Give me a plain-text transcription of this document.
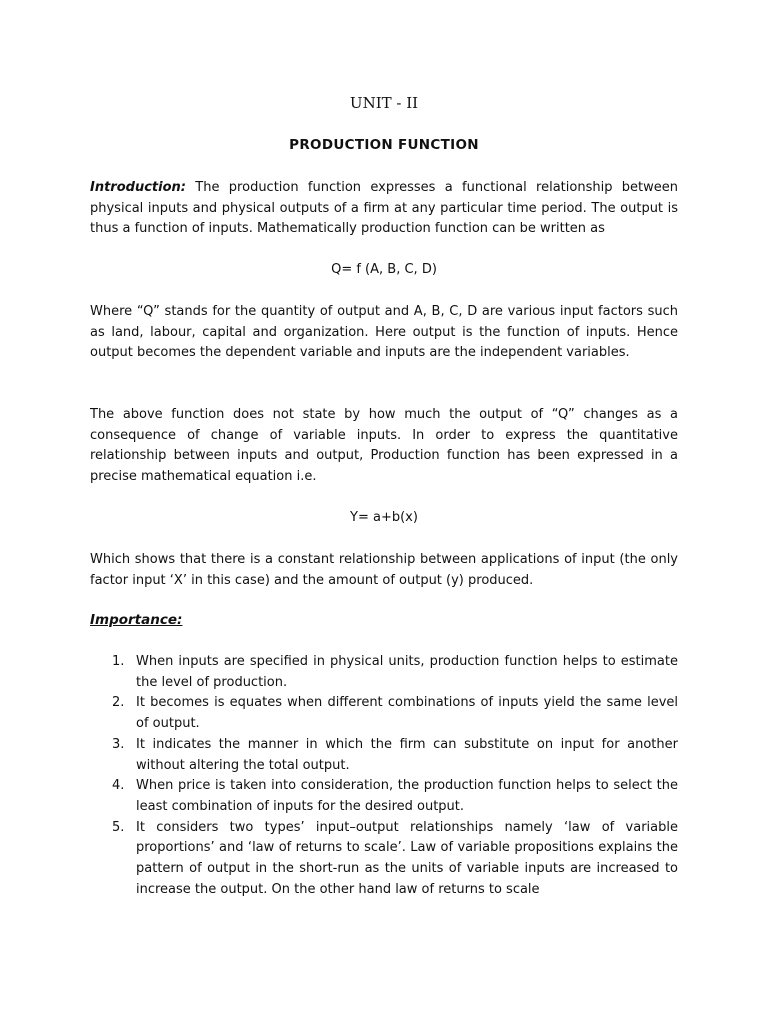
UNIT - II
PRODUCTION FUNCTION

Introduction: The production function expresses a functional relationship between physical inputs and physical outputs of a firm at any particular time period. The output is thus a function of inputs. Mathematically production function can be written as

Q= f (A, B, C, D)

Where “Q” stands for the quantity of output and A, B, C, D are various input factors such as land, labour, capital and organization. Here output is the function of inputs. Hence output becomes the dependent variable and inputs are the independent variables.

The above function does not state by how much the output of “Q” changes as a consequence of change of variable inputs. In order to express the quantitative relationship between inputs and output, Production function has been expressed in a precise mathematical equation i.e.

Y= a+b(x)

Which shows that there is a constant relationship between applications of input (the only factor input ‘X’ in this case) and the amount of output (y) produced.

Importance:
1. When inputs are specified in physical units, production function helps to estimate the level of production.
2. It becomes is equates when different combinations of inputs yield the same level of output.
3. It indicates the manner in which the firm can substitute on input for another without altering the total output.
4. When price is taken into consideration, the production function helps to select the least combination of inputs for the desired output.
5. It considers two types’ input–output relationships namely ‘law of variable proportions’ and ‘law of returns to scale’. Law of variable propositions explains the pattern of output in the short-run as the units of variable inputs are increased to increase the output. On the other hand law of returns to scale
